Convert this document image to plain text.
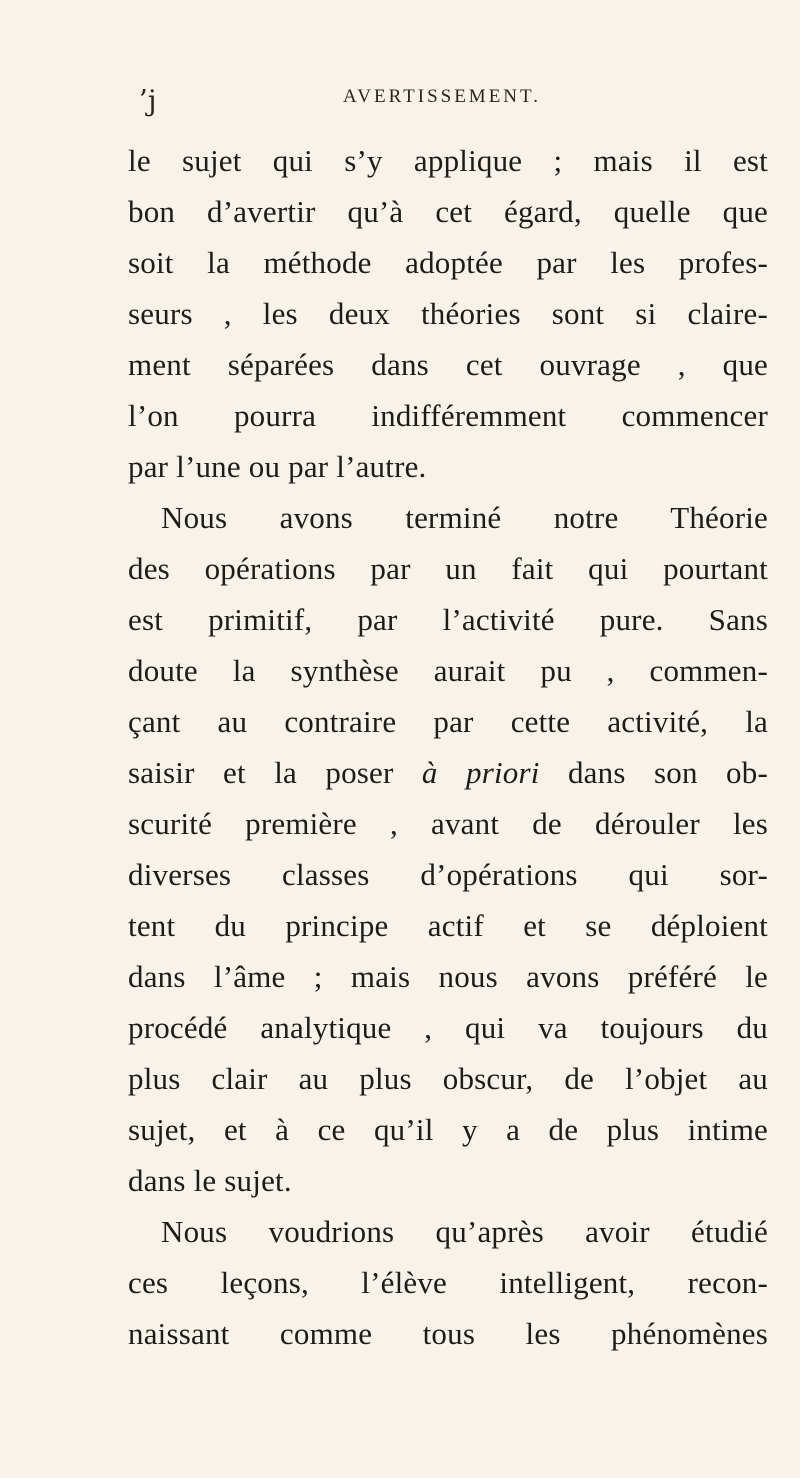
ʼj	AVERTISSEMENT.
le sujet qui s’y applique ; mais il est
bon d’avertir qu’à cet égard, quelle que
soit la méthode adoptée par les profes-
seurs , les deux théories sont si claire-
ment séparées dans cet ouvrage , que
l’on pourra indifféremment commencer
par l’une ou par l’autre.
Nous avons terminé notre Théorie
des opérations par un fait qui pourtant
est primitif, par l’activité pure. Sans
doute la synthèse aurait pu , commen-
çant au contraire par cette activité, la
saisir et la poser à priori dans son ob-
scurité première , avant de dérouler les
diverses classes d’opérations qui sor-
tent du principe actif et se déploient
dans l’âme ; mais nous avons préféré le
procédé analytique , qui va toujours du
plus clair au plus obscur, de l’objet au
sujet, et à ce qu’il y a de plus intime
dans le sujet.
Nous voudrions qu’après avoir étudié
ces leçons, l’élève intelligent, recon-
naissant comme tous les phénomènes
